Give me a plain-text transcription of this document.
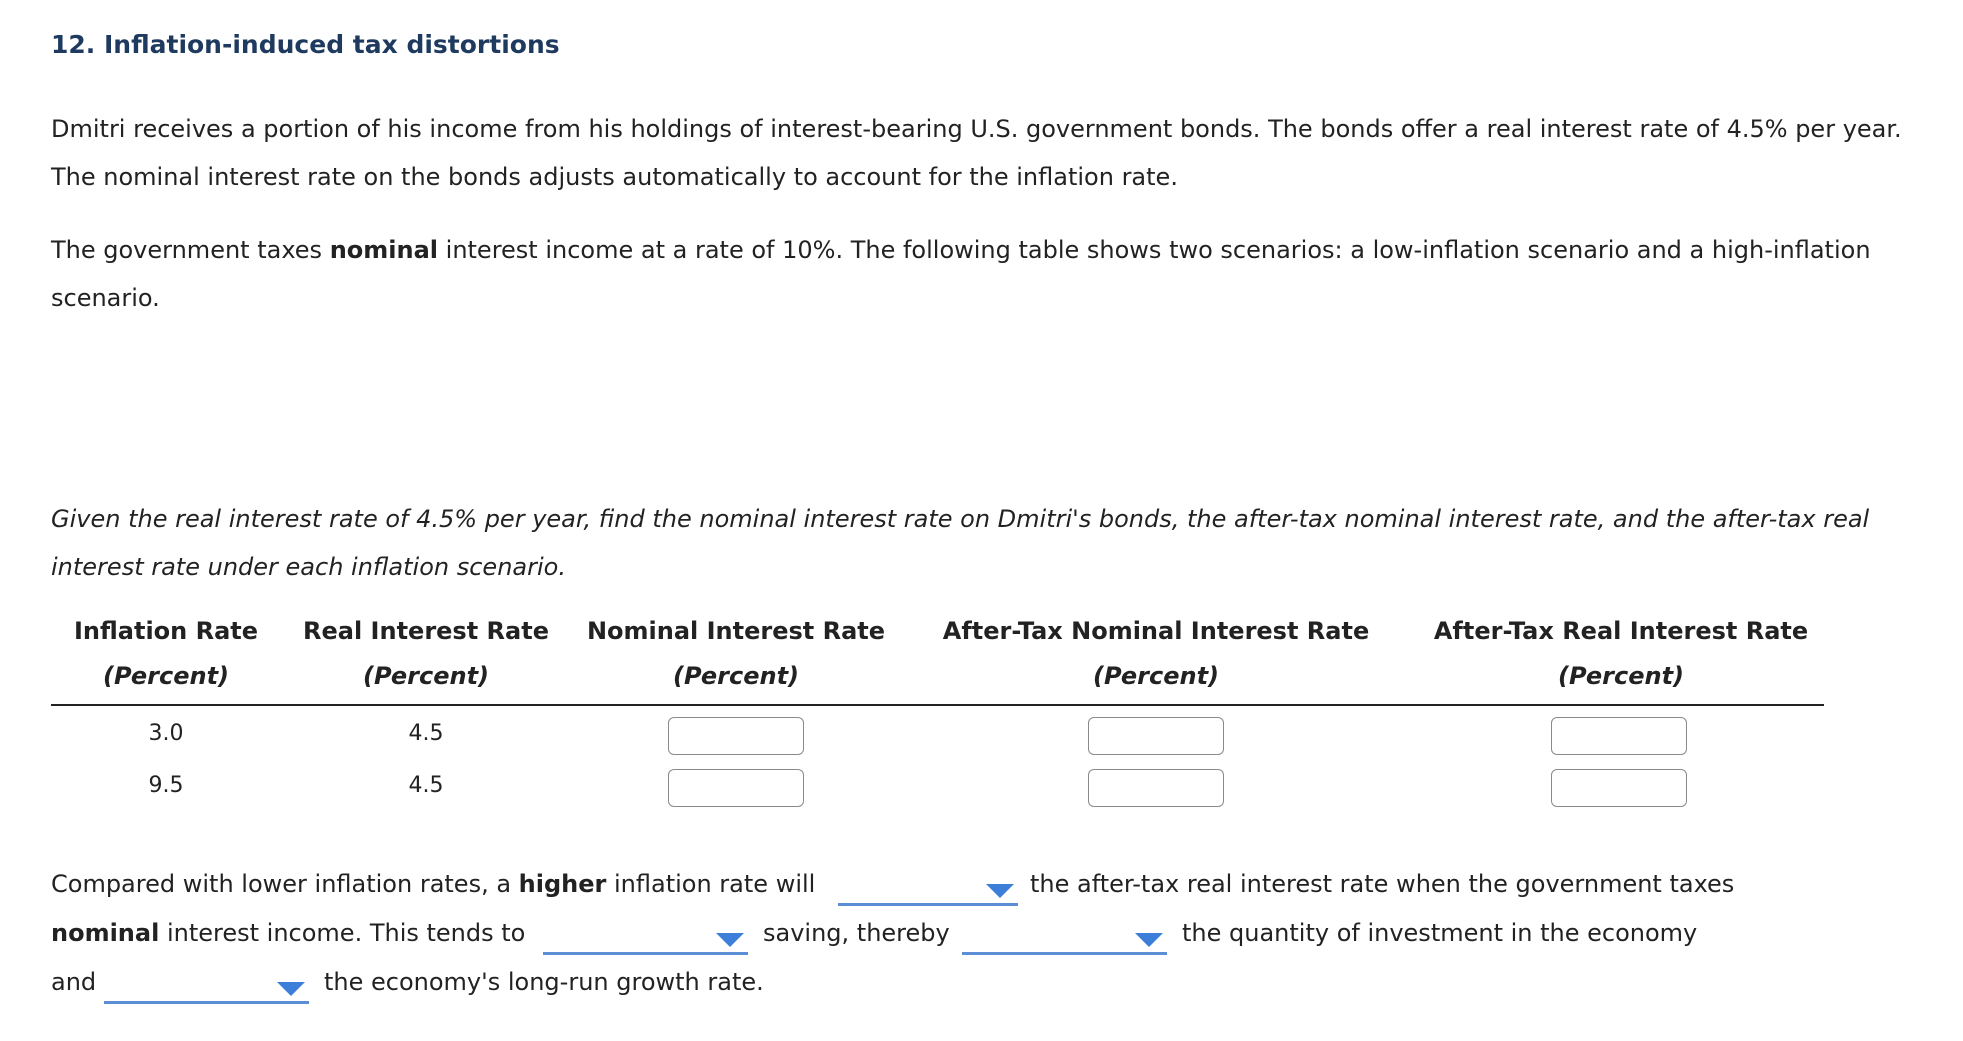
12. Inflation-induced tax distortions
Dmitri receives a portion of his income from his holdings of interest-bearing U.S. government bonds. The bonds offer a real interest rate of 4.5% per year. The nominal interest rate on the bonds adjusts automatically to account for the inflation rate.
The government taxes nominal interest income at a rate of 10%. The following table shows two scenarios: a low-inflation scenario and a high-inflation scenario.
Given the real interest rate of 4.5% per year, find the nominal interest rate on Dmitri's bonds, the after-tax nominal interest rate, and the after-tax real interest rate under each inflation scenario.
Inflation Rate	Real Interest Rate	Nominal Interest Rate	After-Tax Nominal Interest Rate	After-Tax Real Interest Rate
(Percent)	(Percent)	(Percent)	(Percent)	(Percent)
3.0	4.5
9.5	4.5
Compared with lower inflation rates, a higher inflation rate will	the after-tax real interest rate when the government taxes
nominal interest income. This tends to	saving, thereby	the quantity of investment in the economy
and	the economy's long-run growth rate.
